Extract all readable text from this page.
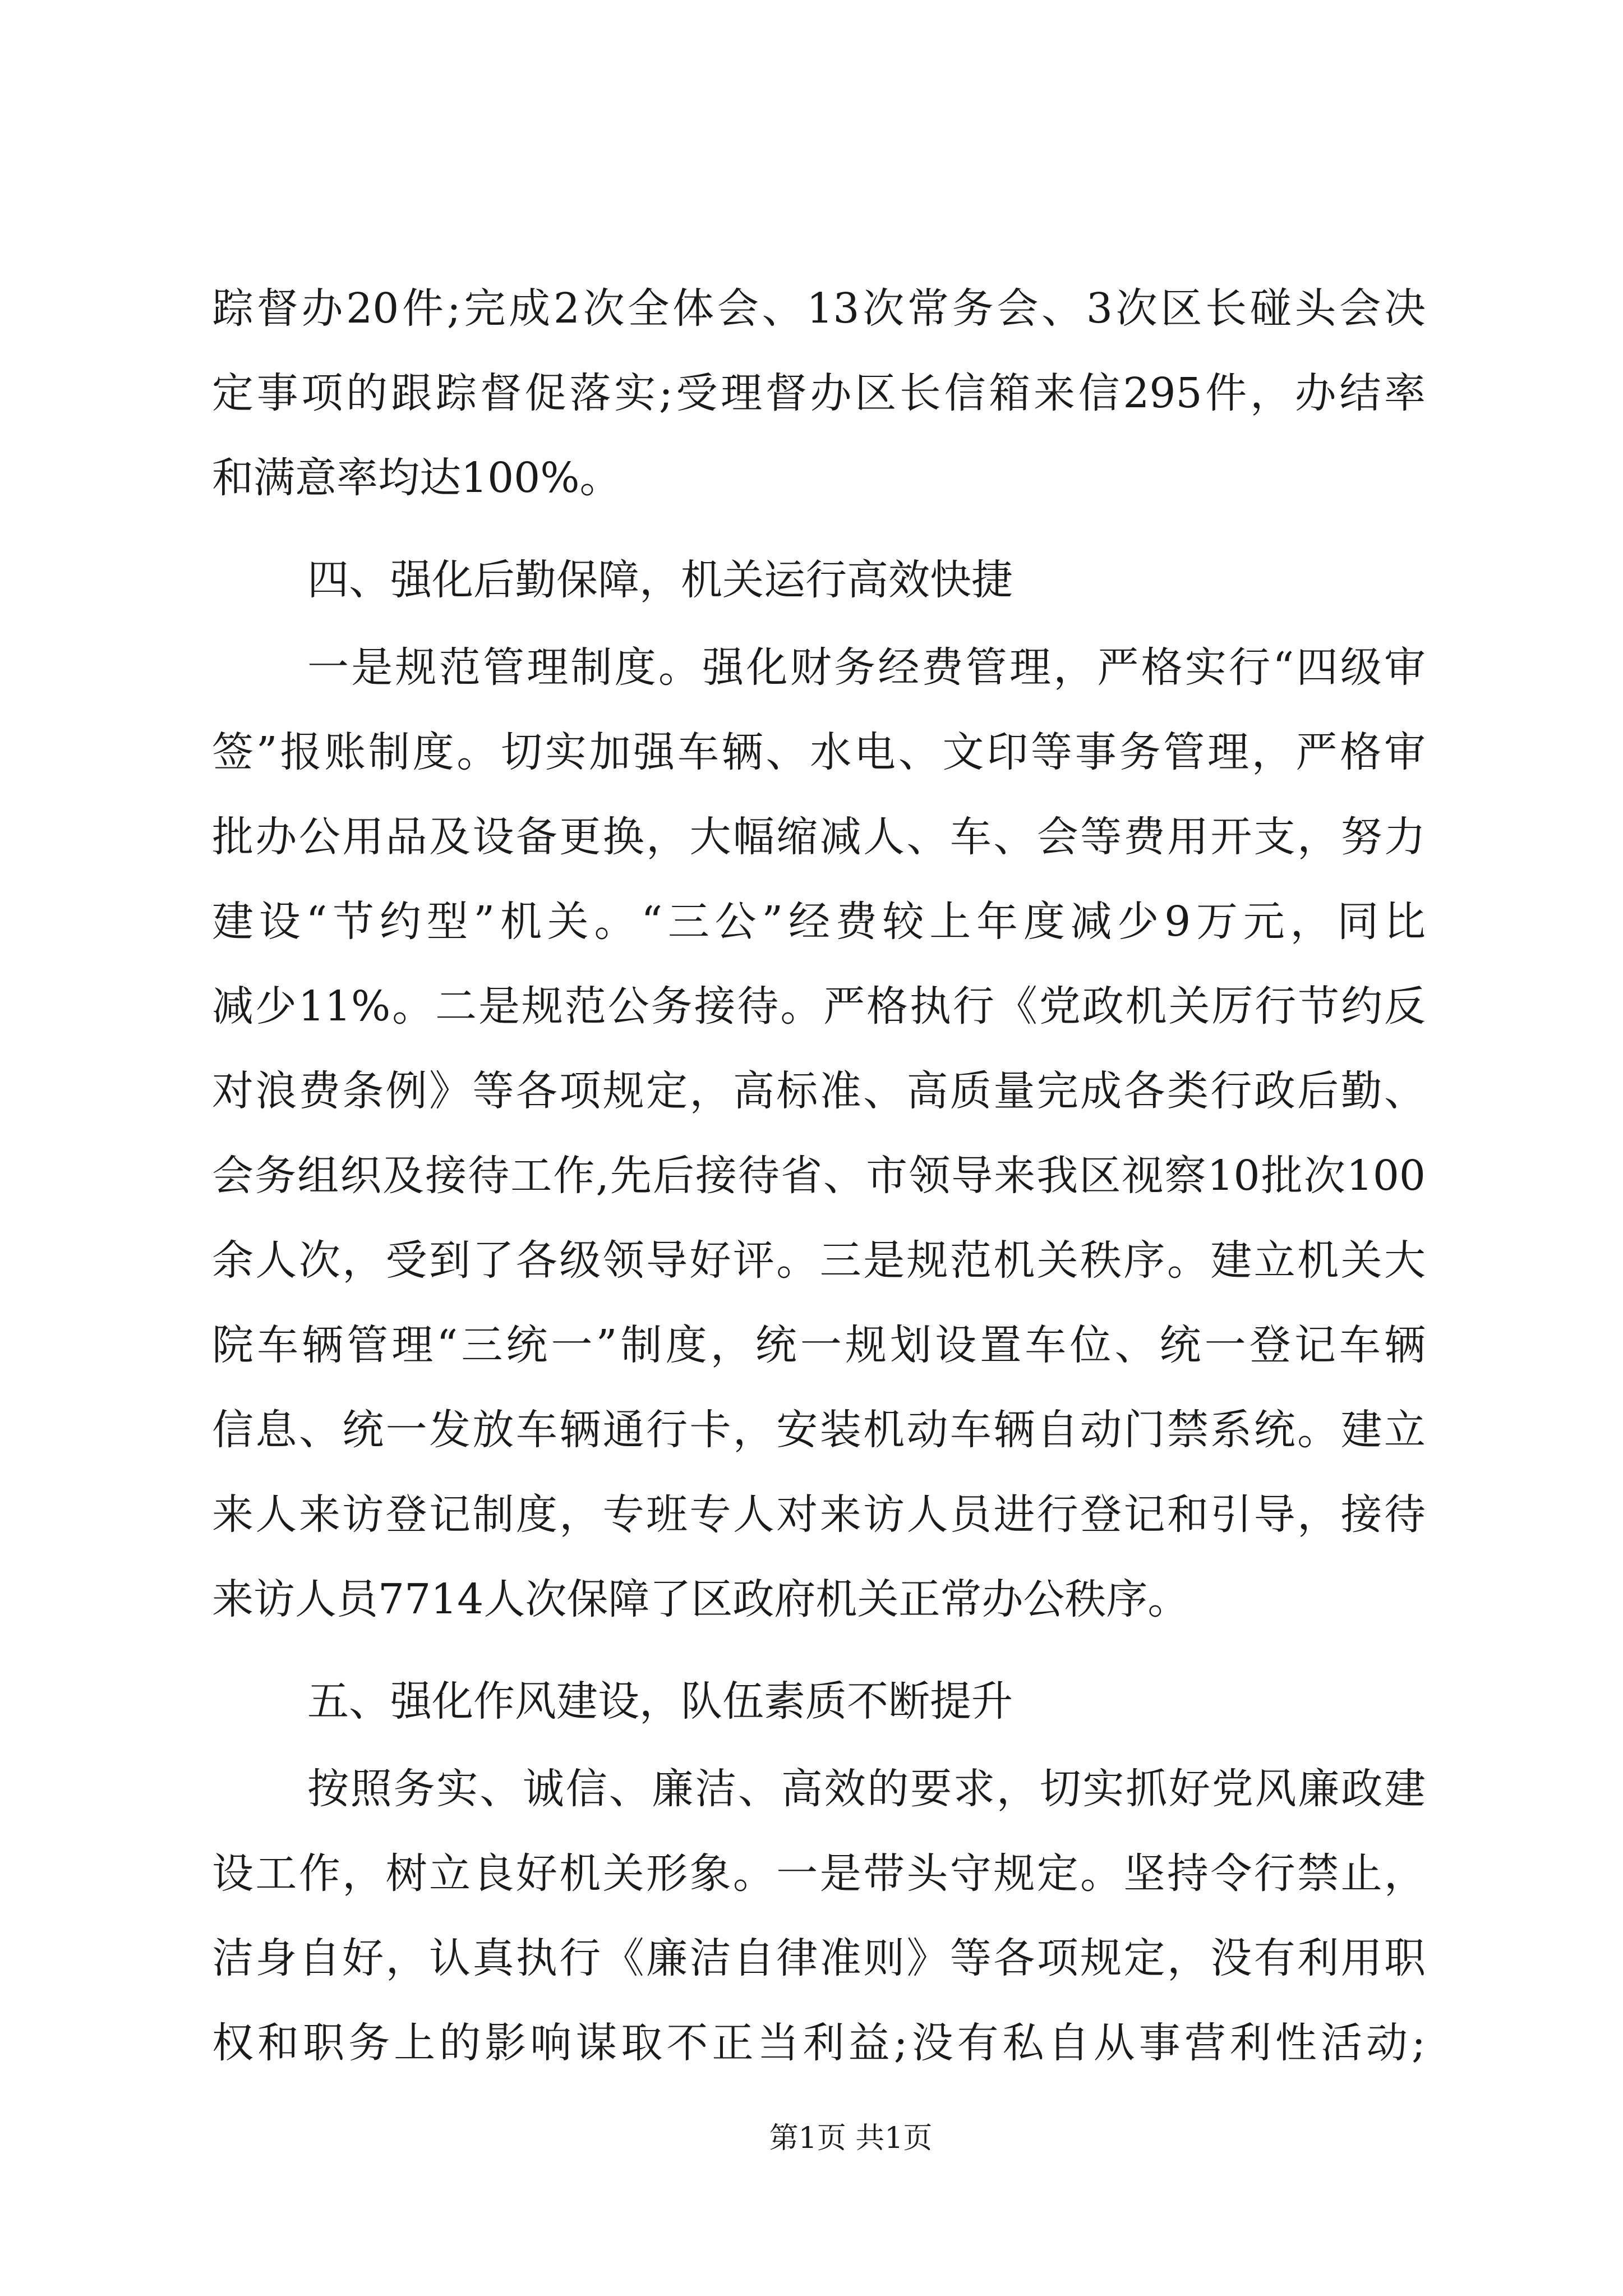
踪督办20件;完成2次全体会、13次常务会、3次区长碰头会决
定事项的跟踪督促落实;受理督办区长信箱来信295件，办结率
和满意率均达100%。
四、强化后勤保障，机关运行高效快捷
一是规范管理制度。强化财务经费管理，严格实行“四级审
签”报账制度。切实加强车辆、水电、文印等事务管理，严格审
批办公用品及设备更换，大幅缩减人、车、会等费用开支，努力
建设“节约型”机关。“三公”经费较上年度减少9万元，同比
减少11%。二是规范公务接待。严格执行《党政机关厉行节约反
对浪费条例》等各项规定，高标准、高质量完成各类行政后勤、
会务组织及接待工作,先后接待省、市领导来我区视察10批次100
余人次，受到了各级领导好评。三是规范机关秩序。建立机关大
院车辆管理“三统一”制度，统一规划设置车位、统一登记车辆
信息、统一发放车辆通行卡，安装机动车辆自动门禁系统。建立
来人来访登记制度，专班专人对来访人员进行登记和引导，接待
来访人员7714人次保障了区政府机关正常办公秩序。
五、强化作风建设，队伍素质不断提升
按照务实、诚信、廉洁、高效的要求，切实抓好党风廉政建
设工作，树立良好机关形象。一是带头守规定。坚持令行禁止，
洁身自好，认真执行《廉洁自律准则》等各项规定，没有利用职
权和职务上的影响谋取不正当利益;没有私自从事营利性活动;
第1页 共1页
